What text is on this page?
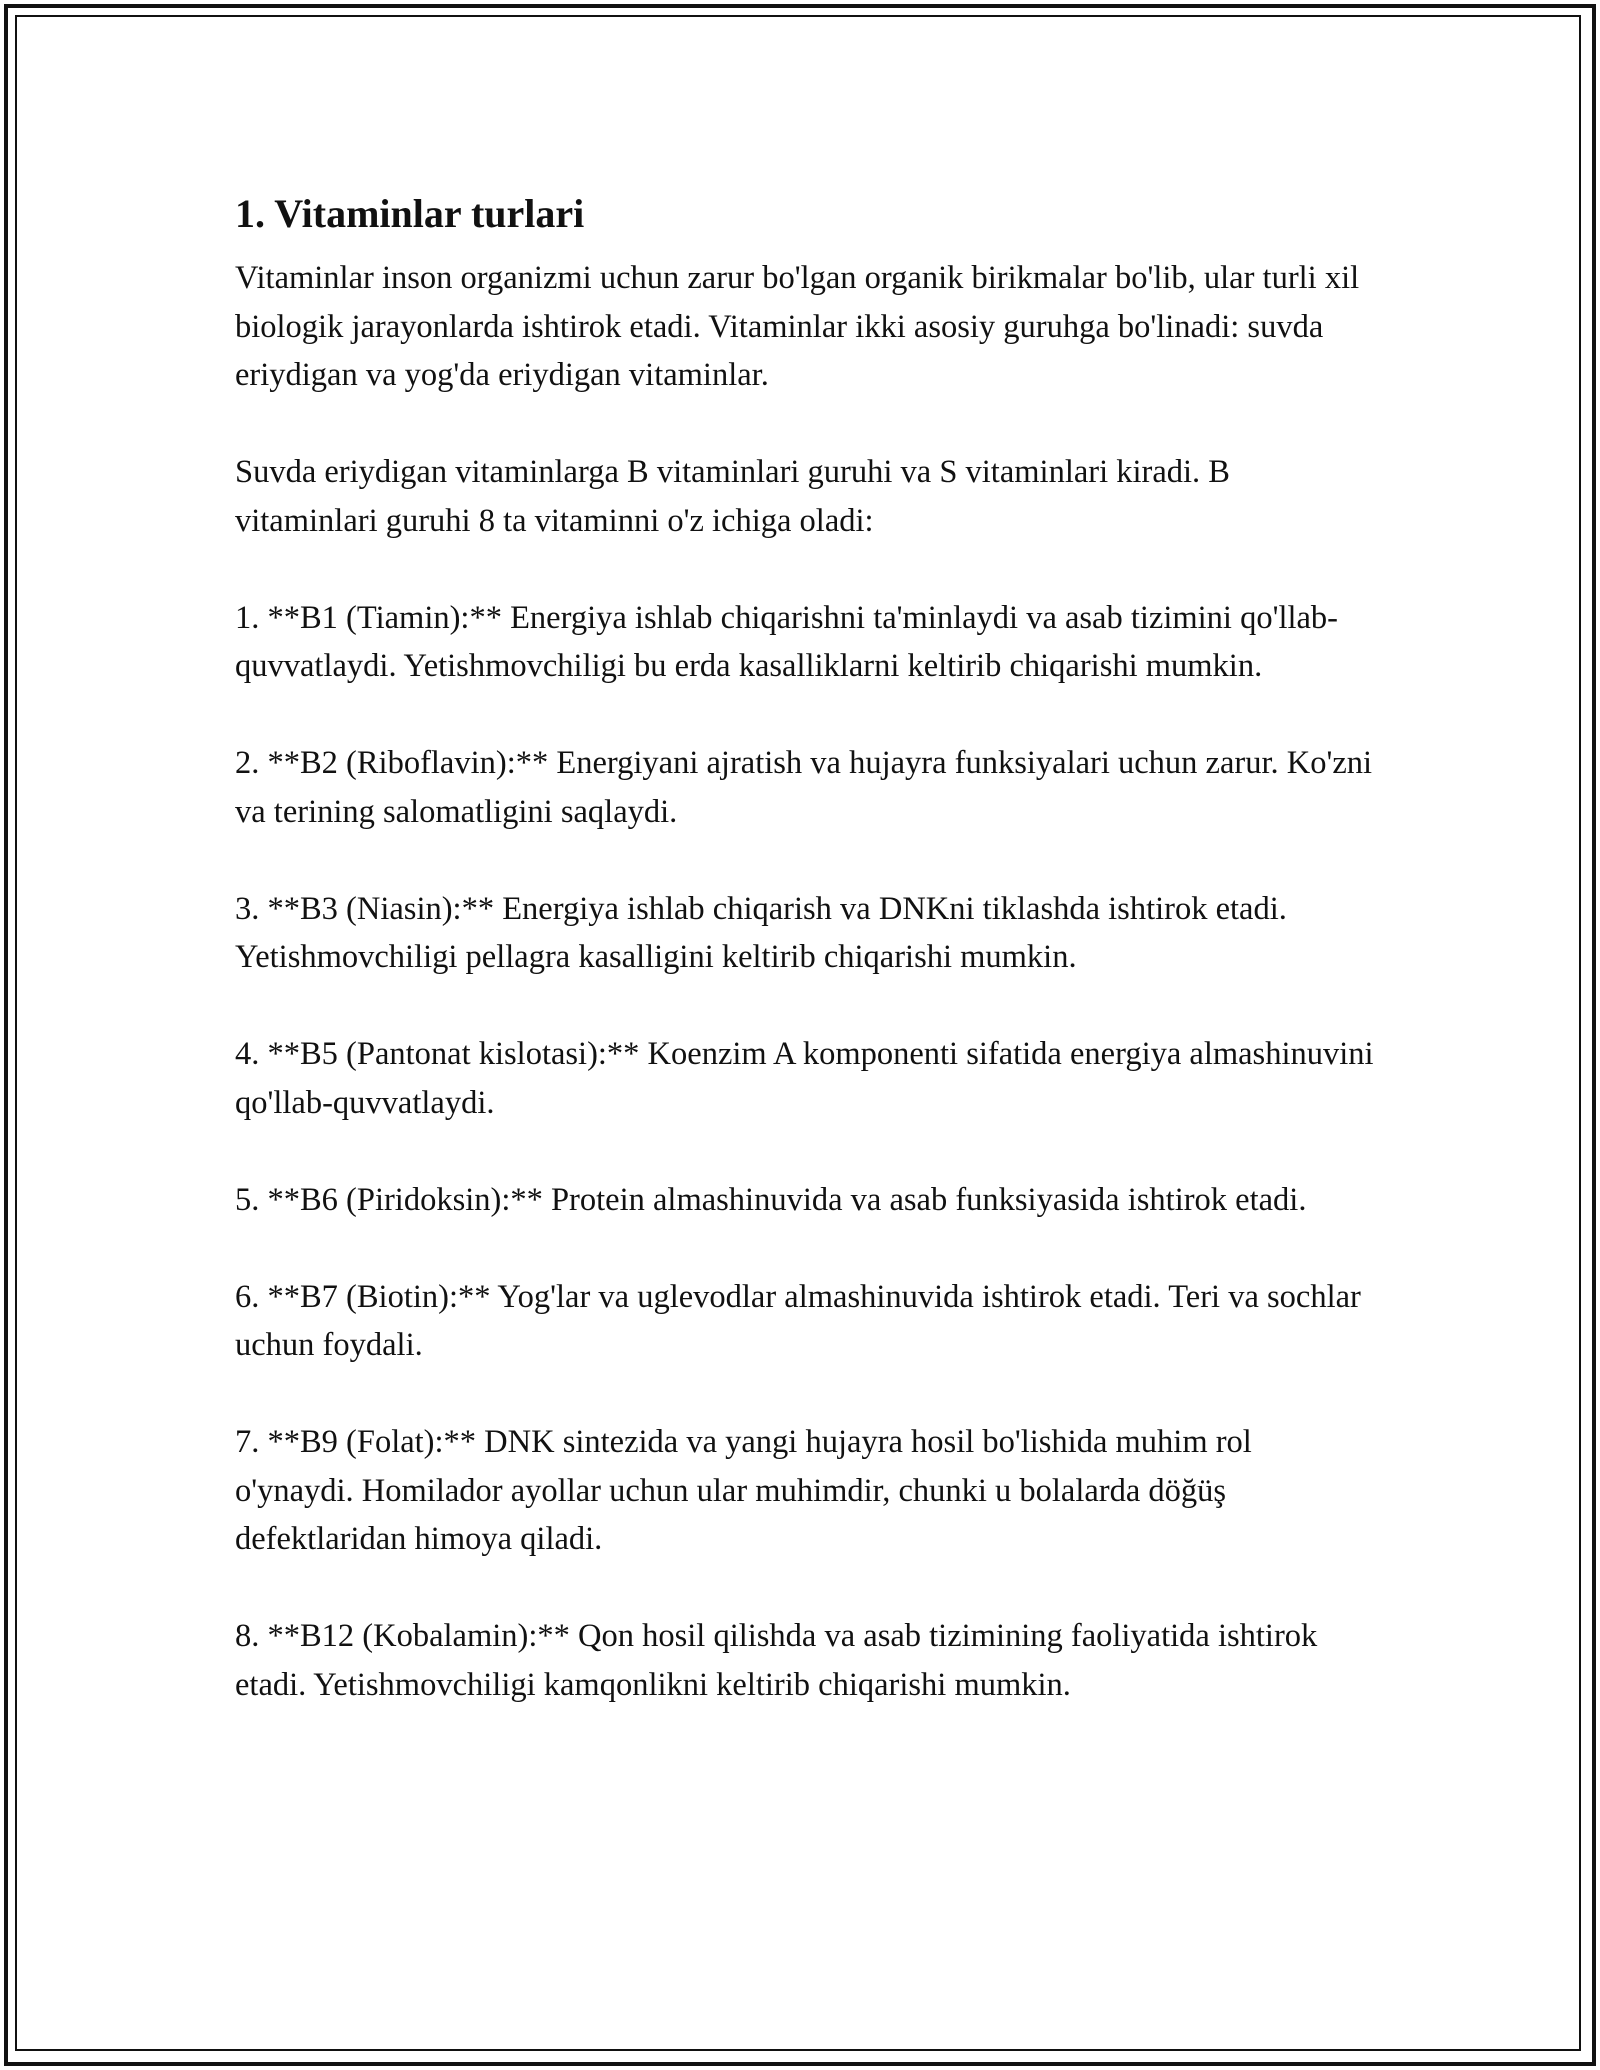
1. Vitaminlar turlari

Vitaminlar inson organizmi uchun zarur bo'lgan organik birikmalar bo'lib, ular turli xil biologik jarayonlarda ishtirok etadi. Vitaminlar ikki asosiy guruhga bo'linadi: suvda eriydigan va yog'da eriydigan vitaminlar.

Suvda eriydigan vitaminlarga B vitaminlari guruhi va S vitaminlari kiradi. B vitaminlari guruhi 8 ta vitaminni o'z ichiga oladi:

1. **B1 (Tiamin):** Energiya ishlab chiqarishni ta'minlaydi va asab tizimini qo'llab-quvvatlaydi. Yetishmovchiligi bu erda kasalliklarni keltirib chiqarishi mumkin.

2. **B2 (Riboflavin):** Energiyani ajratish va hujayra funksiyalari uchun zarur. Ko'zni va terining salomatligini saqlaydi.

3. **B3 (Niasin):** Energiya ishlab chiqarish va DNKni tiklashda ishtirok etadi. Yetishmovchiligi pellagra kasalligini keltirib chiqarishi mumkin.

4. **B5 (Pantonat kislotasi):** Koenzim A komponenti sifatida energiya almashinuvini qo'llab-quvvatlaydi.

5. **B6 (Piridoksin):** Protein almashinuvida va asab funksiyasida ishtirok etadi.

6. **B7 (Biotin):** Yog'lar va uglevodlar almashinuvida ishtirok etadi. Teri va sochlar uchun foydali.

7. **B9 (Folat):** DNK sintezida va yangi hujayra hosil bo'lishida muhim rol o'ynaydi. Homilador ayollar uchun ular muhimdir, chunki u bolalarda döğüş defektlaridan himoya qiladi.

8. **B12 (Kobalamin):** Qon hosil qilishda va asab tizimining faoliyatida ishtirok etadi. Yetishmovchiligi kamqonlikni keltirib chiqarishi mumkin.
